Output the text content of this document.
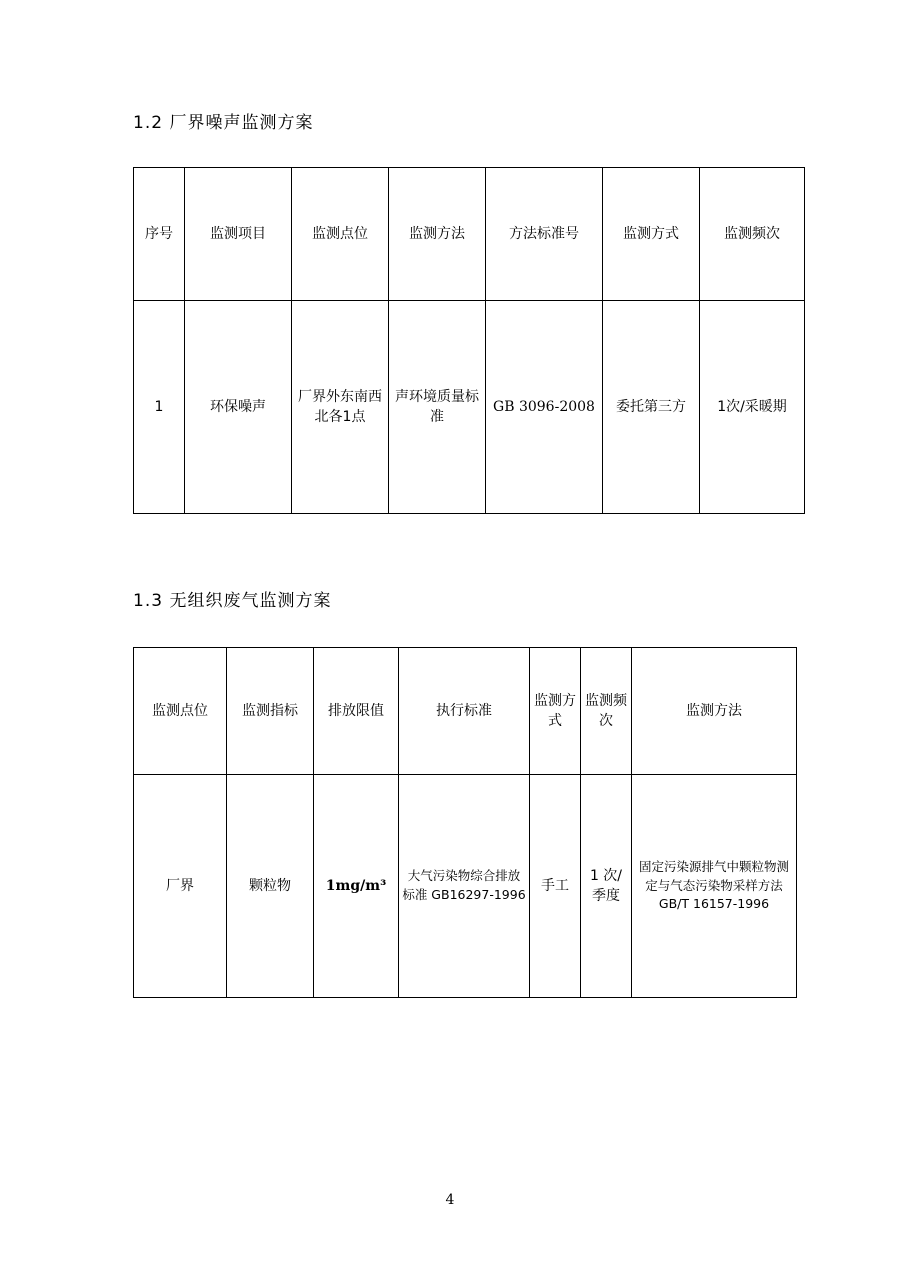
1.2 厂界噪声监测方案
序号	监测项目	监测点位	监测方法	方法标准号	监测方式	监测频次
1	环保噪声	厂界外东南西北各1点	声环境质量标准	GB 3096-2008	委托第三方	1次/采暖期
1.3 无组织废气监测方案
监测点位	监测指标	排放限值	执行标准	监测方式	监测频次	监测方法
厂界	颗粒物	1mg/m³	大气污染物综合排放标准 GB16297-1996	手工	1 次/季度	固定污染源排气中颗粒物测定与气态污染物采样方法 GB/T 16157-1996
4
